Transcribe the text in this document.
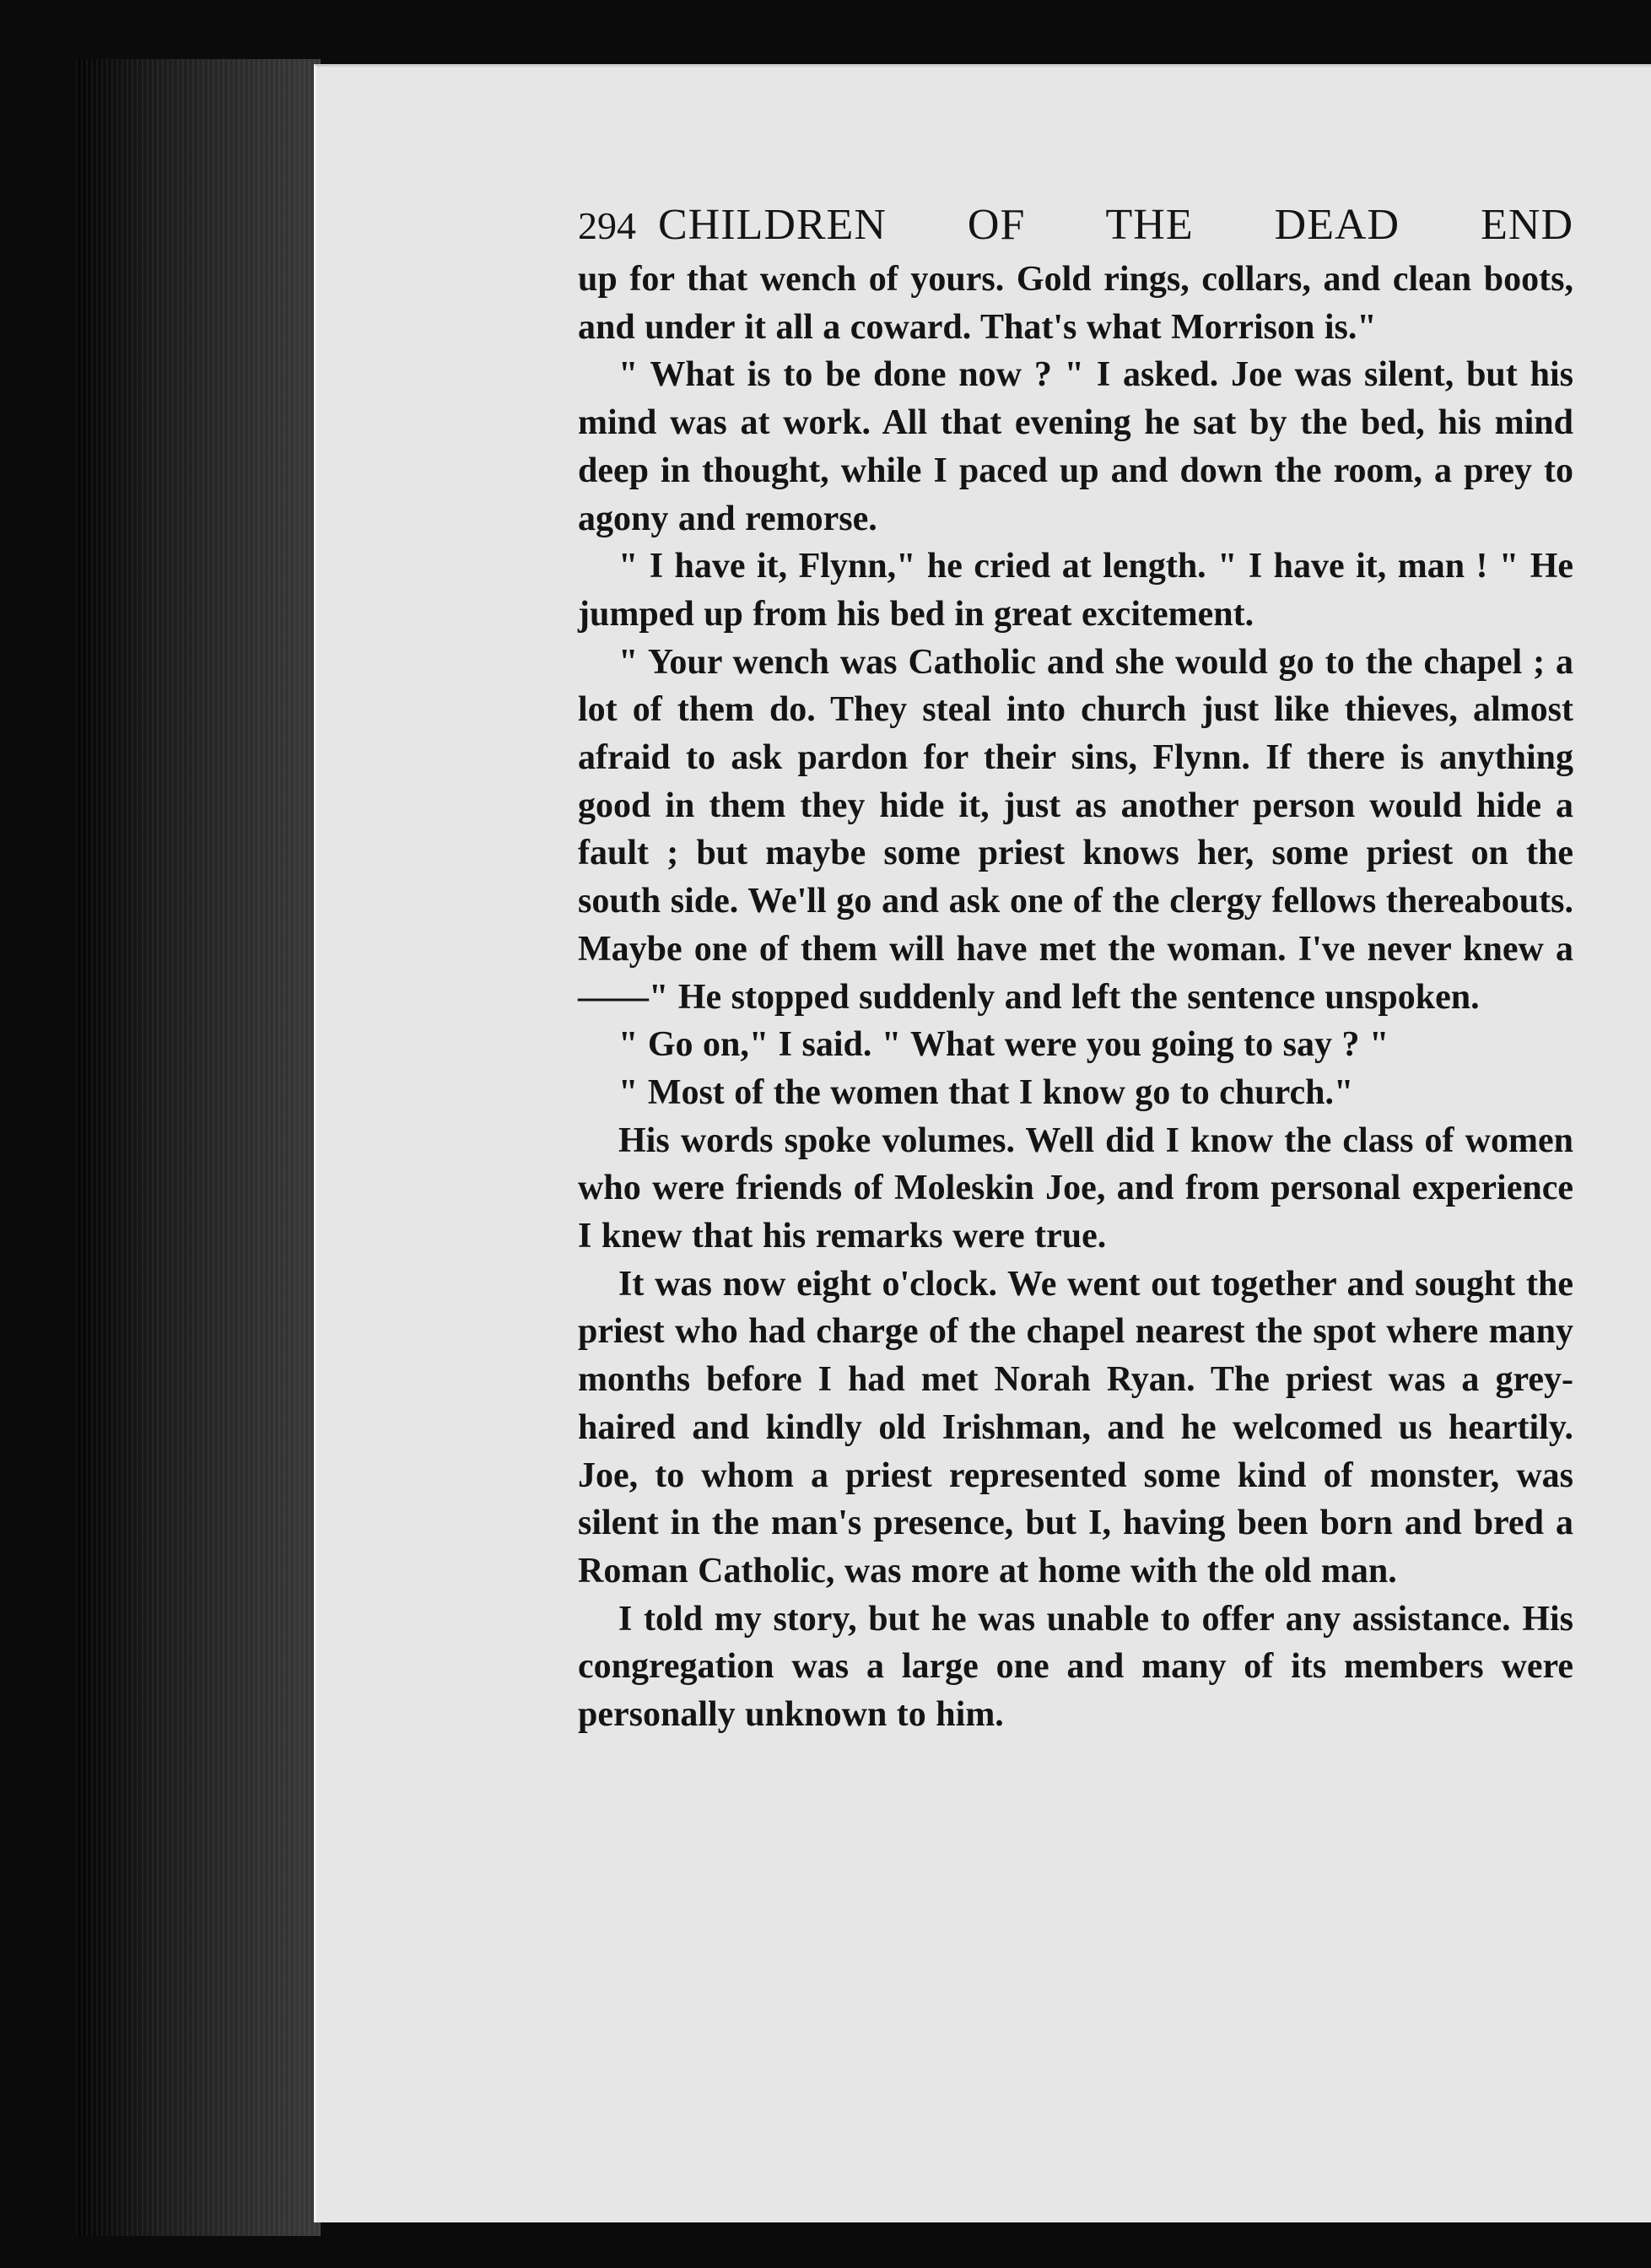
294 CHILDREN OF THE DEAD END

up for that wench of yours. Gold rings, collars, and clean boots, and under it all a coward. That's what Morrison is."

" What is to be done now ? " I asked. Joe was silent, but his mind was at work. All that evening he sat by the bed, his mind deep in thought, while I paced up and down the room, a prey to agony and remorse.

" I have it, Flynn," he cried at length. " I have it, man ! " He jumped up from his bed in great excitement.

" Your wench was Catholic and she would go to the chapel ; a lot of them do. They steal into church just like thieves, almost afraid to ask pardon for their sins, Flynn. If there is anything good in them they hide it, just as another person would hide a fault ; but maybe some priest knows her, some priest on the south side. We'll go and ask one of the clergy fellows thereabouts. Maybe one of them will have met the woman. I've never knew a——" He stopped suddenly and left the sentence unspoken.

" Go on," I said. " What were you going to say ? "

" Most of the women that I know go to church."

His words spoke volumes. Well did I know the class of women who were friends of Moleskin Joe, and from personal experience I knew that his remarks were true.

It was now eight o'clock. We went out together and sought the priest who had charge of the chapel nearest the spot where many months before I had met Norah Ryan. The priest was a grey-haired and kindly old Irishman, and he welcomed us heartily. Joe, to whom a priest represented some kind of monster, was silent in the man's presence, but I, having been born and bred a Roman Catholic, was more at home with the old man.

I told my story, but he was unable to offer any assistance. His congregation was a large one and many of its members were personally unknown to him.
